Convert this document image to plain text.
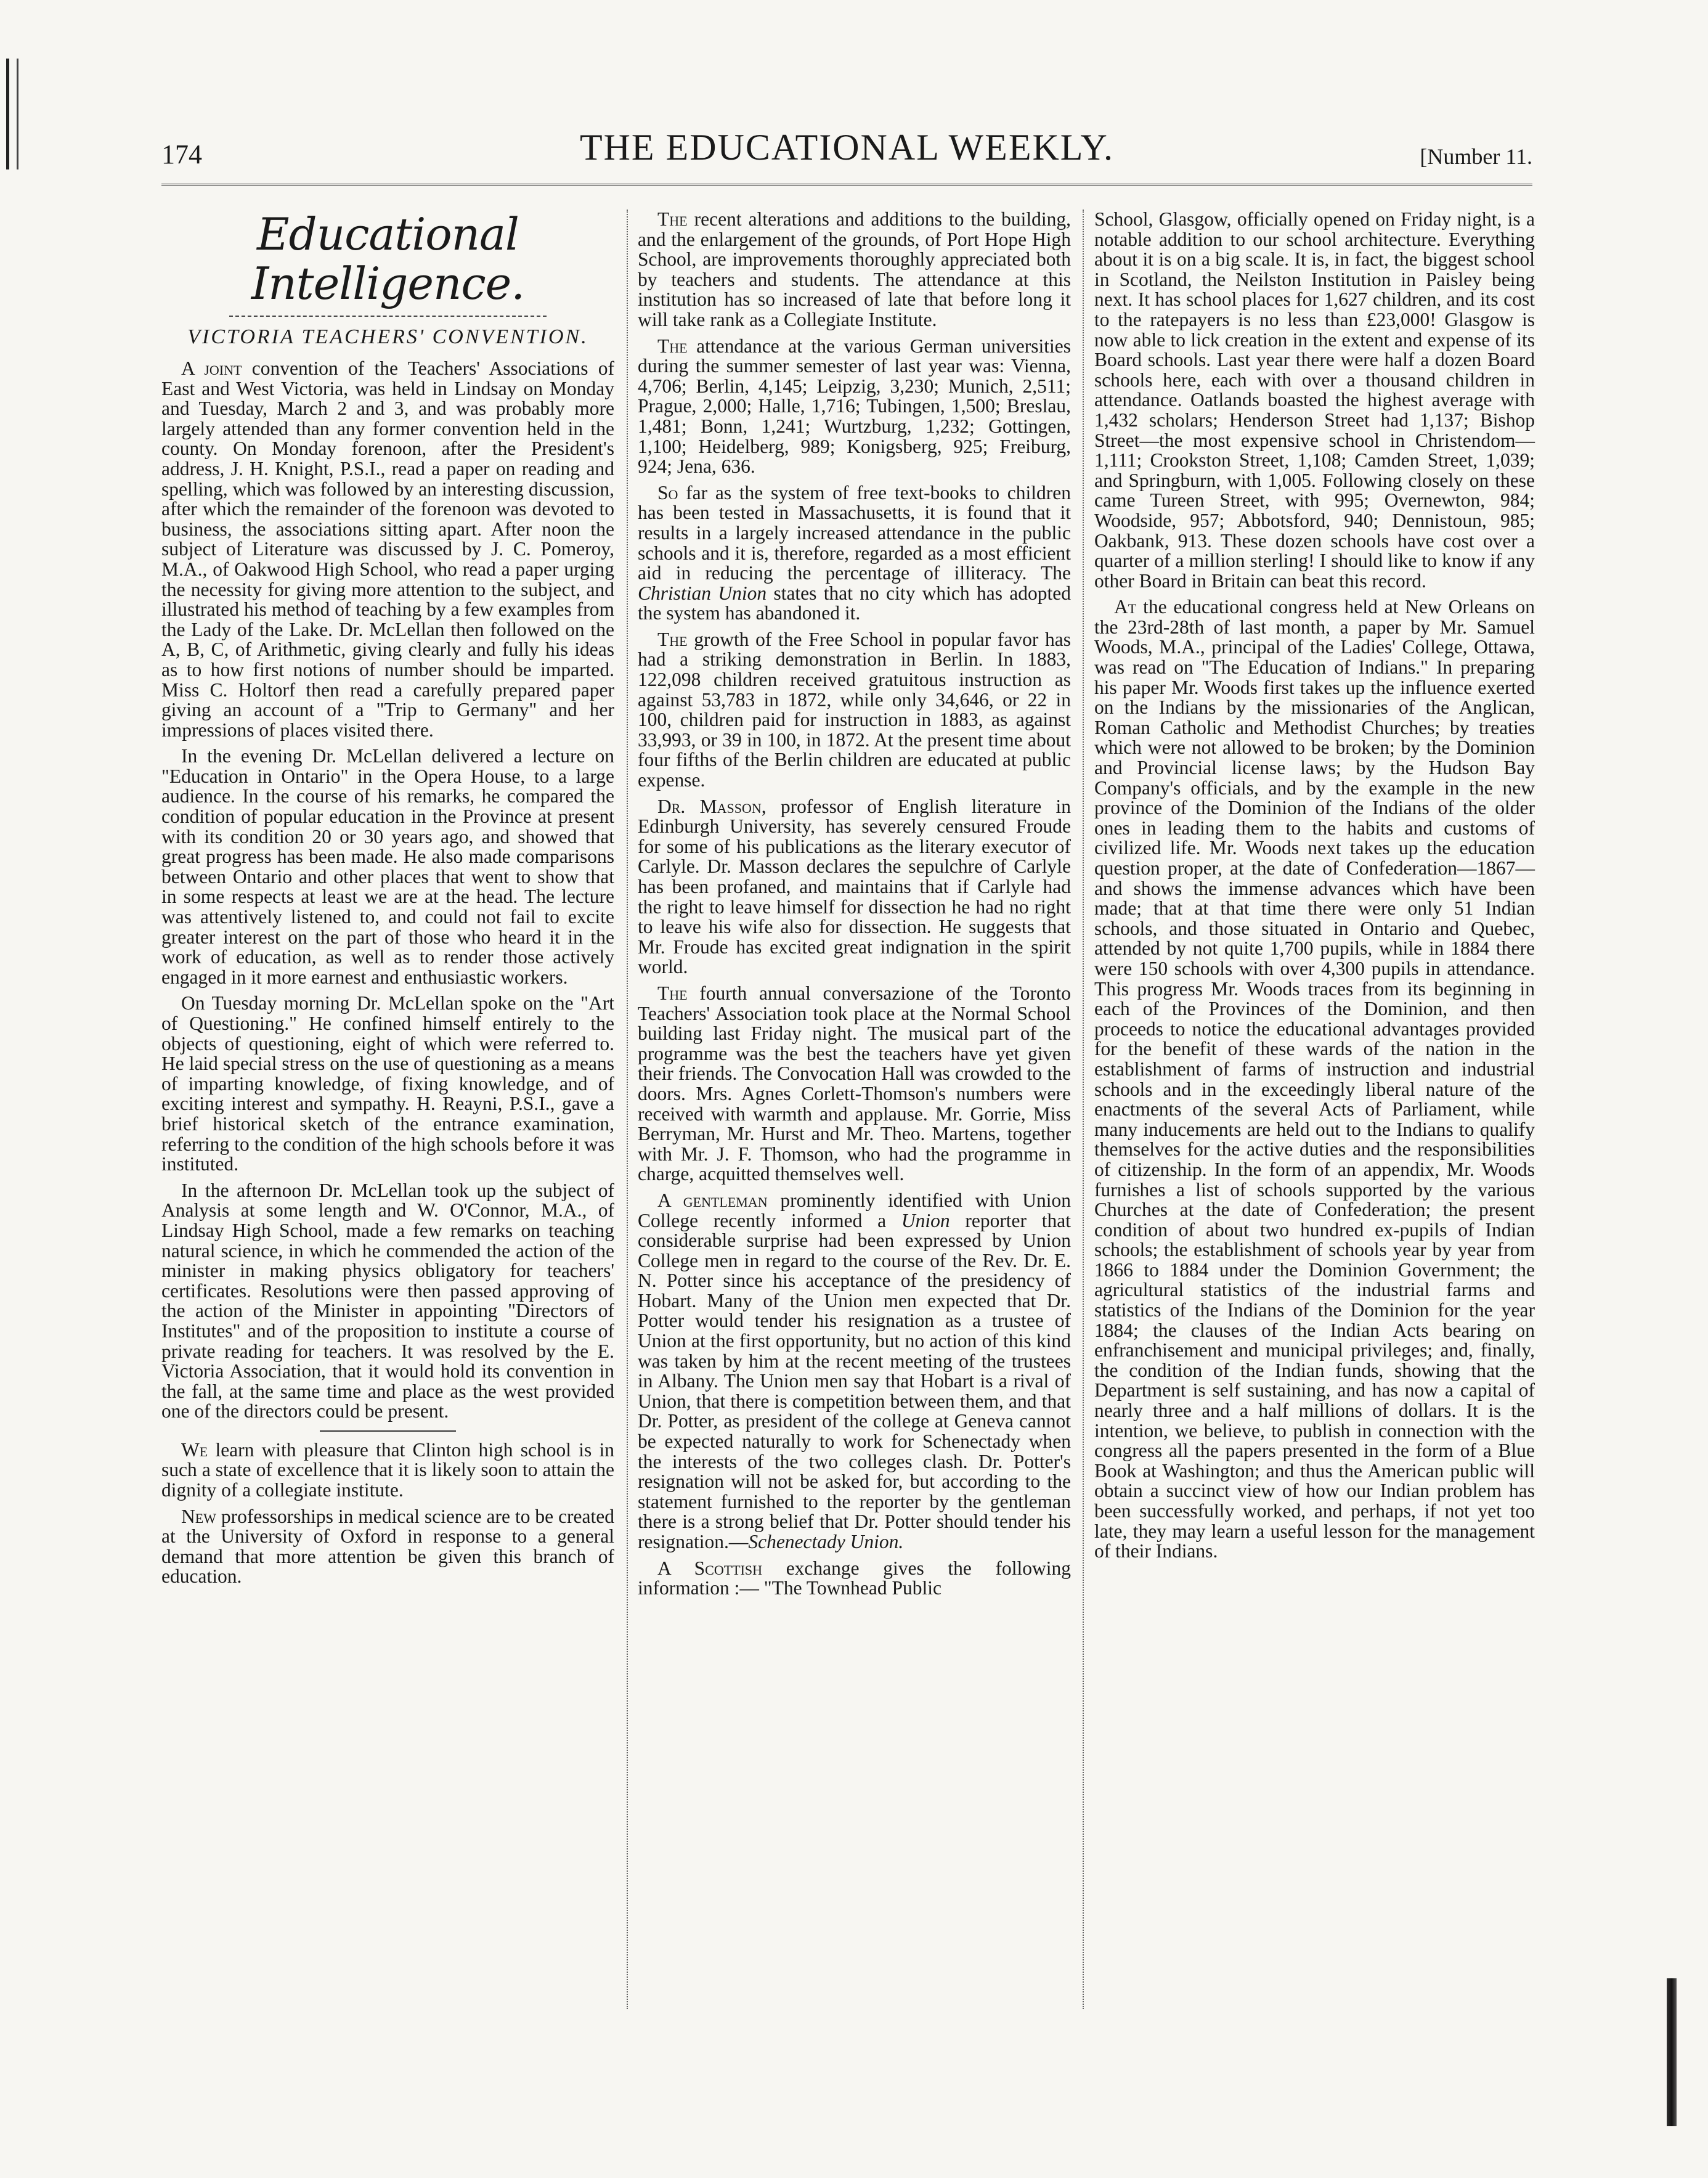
174	THE EDUCATIONAL WEEKLY.	[Number 11.
Educational Intelligence.
VICTORIA TEACHERS' CONVENTION.

A joint convention of the Teachers' Associations of East and West Victoria, was held in Lindsay on Monday and Tuesday, March 2 and 3, and was probably more largely attended than any former convention held in the county. On Monday forenoon, after the President's address, J. H. Knight, P.S.I., read a paper on reading and spelling, which was followed by an interesting discussion, after which the remainder of the forenoon was devoted to business, the associations sitting apart. After noon the subject of Literature was discussed by J. C. Pomeroy, M.A., of Oakwood High School, who read a paper urging the necessity for giving more attention to the subject, and illustrated his method of teaching by a few examples from the Lady of the Lake. Dr. McLellan then followed on the A, B, C, of Arithmetic, giving clearly and fully his ideas as to how first notions of number should be imparted. Miss C. Holtorf then read a carefully prepared paper giving an account of a "Trip to Germany" and her impressions of places visited there.

In the evening Dr. McLellan delivered a lecture on "Education in Ontario" in the Opera House, to a large audience. In the course of his remarks, he compared the condition of popular education in the Province at present with its condition 20 or 30 years ago, and showed that great progress has been made. He also made comparisons between Ontario and other places that went to show that in some respects at least we are at the head. The lecture was attentively listened to, and could not fail to excite greater interest on the part of those who heard it in the work of education, as well as to render those actively engaged in it more earnest and enthusiastic workers.

On Tuesday morning Dr. McLellan spoke on the "Art of Questioning." He confined himself entirely to the objects of questioning, eight of which were referred to. He laid special stress on the use of questioning as a means of imparting knowledge, of fixing knowledge, and of exciting interest and sympathy. H. Reayni, P.S.I., gave a brief historical sketch of the entrance examination, referring to the condition of the high schools before it was instituted.

In the afternoon Dr. McLellan took up the subject of Analysis at some length and W. O'Connor, M.A., of Lindsay High School, made a few remarks on teaching natural science, in which he commended the action of the minister in making physics obligatory for teachers' certificates. Resolutions were then passed approving of the action of the Minister in appointing "Directors of Institutes" and of the proposition to institute a course of private reading for teachers. It was resolved by the E. Victoria Association, that it would hold its convention in the fall, at the same time and place as the west provided one of the directors could be present.

We learn with pleasure that Clinton high school is in such a state of excellence that it is likely soon to attain the dignity of a collegiate institute.

New professorships in medical science are to be created at the University of Oxford in response to a general demand that more attention be given this branch of education.

The recent alterations and additions to the building, and the enlargement of the grounds, of Port Hope High School, are improvements thoroughly appreciated both by teachers and students. The attendance at this institution has so increased of late that before long it will take rank as a Collegiate Institute.

The attendance at the various German universities during the summer semester of last year was: Vienna, 4,706; Berlin, 4,145; Leipzig, 3,230; Munich, 2,511; Prague, 2,000; Halle, 1,716; Tubingen, 1,500; Breslau, 1,481; Bonn, 1,241; Wurtzburg, 1,232; Gottingen, 1,100; Heidelberg, 989; Konigsberg, 925; Freiburg, 924; Jena, 636.

So far as the system of free text-books to children has been tested in Massachusetts, it is found that it results in a largely increased attendance in the public schools and it is, therefore, regarded as a most efficient aid in reducing the percentage of illiteracy. The Christian Union states that no city which has adopted the system has abandoned it.

The growth of the Free School in popular favor has had a striking demonstration in Berlin. In 1883, 122,098 children received gratuitous instruction as against 53,783 in 1872, while only 34,646, or 22 in 100, children paid for instruction in 1883, as against 33,993, or 39 in 100, in 1872. At the present time about four fifths of the Berlin children are educated at public expense.

Dr. Masson, professor of English literature in Edinburgh University, has severely censured Froude for some of his publications as the literary executor of Carlyle. Dr. Masson declares the sepulchre of Carlyle has been profaned, and maintains that if Carlyle had the right to leave himself for dissection he had no right to leave his wife also for dissection. He suggests that Mr. Froude has excited great indignation in the spirit world.

The fourth annual conversazione of the Toronto Teachers' Association took place at the Normal School building last Friday night. The musical part of the programme was the best the teachers have yet given their friends. The Convocation Hall was crowded to the doors. Mrs. Agnes Corlett-Thomson's numbers were received with warmth and applause. Mr. Gorrie, Miss Berryman, Mr. Hurst and Mr. Theo. Martens, together with Mr. J. F. Thomson, who had the programme in charge, acquitted themselves well.

A gentleman prominently identified with Union College recently informed a Union reporter that considerable surprise had been expressed by Union College men in regard to the course of the Rev. Dr. E. N. Potter since his acceptance of the presidency of Hobart. Many of the Union men expected that Dr. Potter would tender his resignation as a trustee of Union at the first opportunity, but no action of this kind was taken by him at the recent meeting of the trustees in Albany. The Union men say that Hobart is a rival of Union, that there is competition between them, and that Dr. Potter, as president of the college at Geneva cannot be expected naturally to work for Schenectady when the interests of the two colleges clash. Dr. Potter's resignation will not be asked for, but according to the statement furnished to the reporter by the gentleman there is a strong belief that Dr. Potter should tender his resignation.—Schenectady Union.

A Scottish exchange gives the following information :— "The Townhead Public

School, Glasgow, officially opened on Friday night, is a notable addition to our school architecture. Everything about it is on a big scale. It is, in fact, the biggest school in Scotland, the Neilston Institution in Paisley being next. It has school places for 1,627 children, and its cost to the ratepayers is no less than £23,000! Glasgow is now able to lick creation in the extent and expense of its Board schools. Last year there were half a dozen Board schools here, each with over a thousand children in attendance. Oatlands boasted the highest average with 1,432 scholars; Henderson Street had 1,137; Bishop Street—the most expensive school in Christendom—1,111; Crookston Street, 1,108; Camden Street, 1,039; and Springburn, with 1,005. Following closely on these came Tureen Street, with 995; Overnewton, 984; Woodside, 957; Abbotsford, 940; Dennistoun, 985; Oakbank, 913. These dozen schools have cost over a quarter of a million sterling! I should like to know if any other Board in Britain can beat this record.

At the educational congress held at New Orleans on the 23rd-28th of last month, a paper by Mr. Samuel Woods, M.A., principal of the Ladies' College, Ottawa, was read on "The Education of Indians." In preparing his paper Mr. Woods first takes up the influence exerted on the Indians by the missionaries of the Anglican, Roman Catholic and Methodist Churches; by treaties which were not allowed to be broken; by the Dominion and Provincial license laws; by the Hudson Bay Company's officials, and by the example in the new province of the Dominion of the Indians of the older ones in leading them to the habits and customs of civilized life. Mr. Woods next takes up the education question proper, at the date of Confederation—1867—and shows the immense advances which have been made; that at that time there were only 51 Indian schools, and those situated in Ontario and Quebec, attended by not quite 1,700 pupils, while in 1884 there were 150 schools with over 4,300 pupils in attendance. This progress Mr. Woods traces from its beginning in each of the Provinces of the Dominion, and then proceeds to notice the educational advantages provided for the benefit of these wards of the nation in the establishment of farms of instruction and industrial schools and in the exceedingly liberal nature of the enactments of the several Acts of Parliament, while many inducements are held out to the Indians to qualify themselves for the active duties and the responsibilities of citizenship. In the form of an appendix, Mr. Woods furnishes a list of schools supported by the various Churches at the date of Confederation; the present condition of about two hundred ex-pupils of Indian schools; the establishment of schools year by year from 1866 to 1884 under the Dominion Government; the agricultural statistics of the industrial farms and statistics of the Indians of the Dominion for the year 1884; the clauses of the Indian Acts bearing on enfranchisement and municipal privileges; and, finally, the condition of the Indian funds, showing that the Department is self sustaining, and has now a capital of nearly three and a half millions of dollars. It is the intention, we believe, to publish in connection with the congress all the papers presented in the form of a Blue Book at Washington; and thus the American public will obtain a succinct view of how our Indian problem has been successfully worked, and perhaps, if not yet too late, they may learn a useful lesson for the management of their Indians.
